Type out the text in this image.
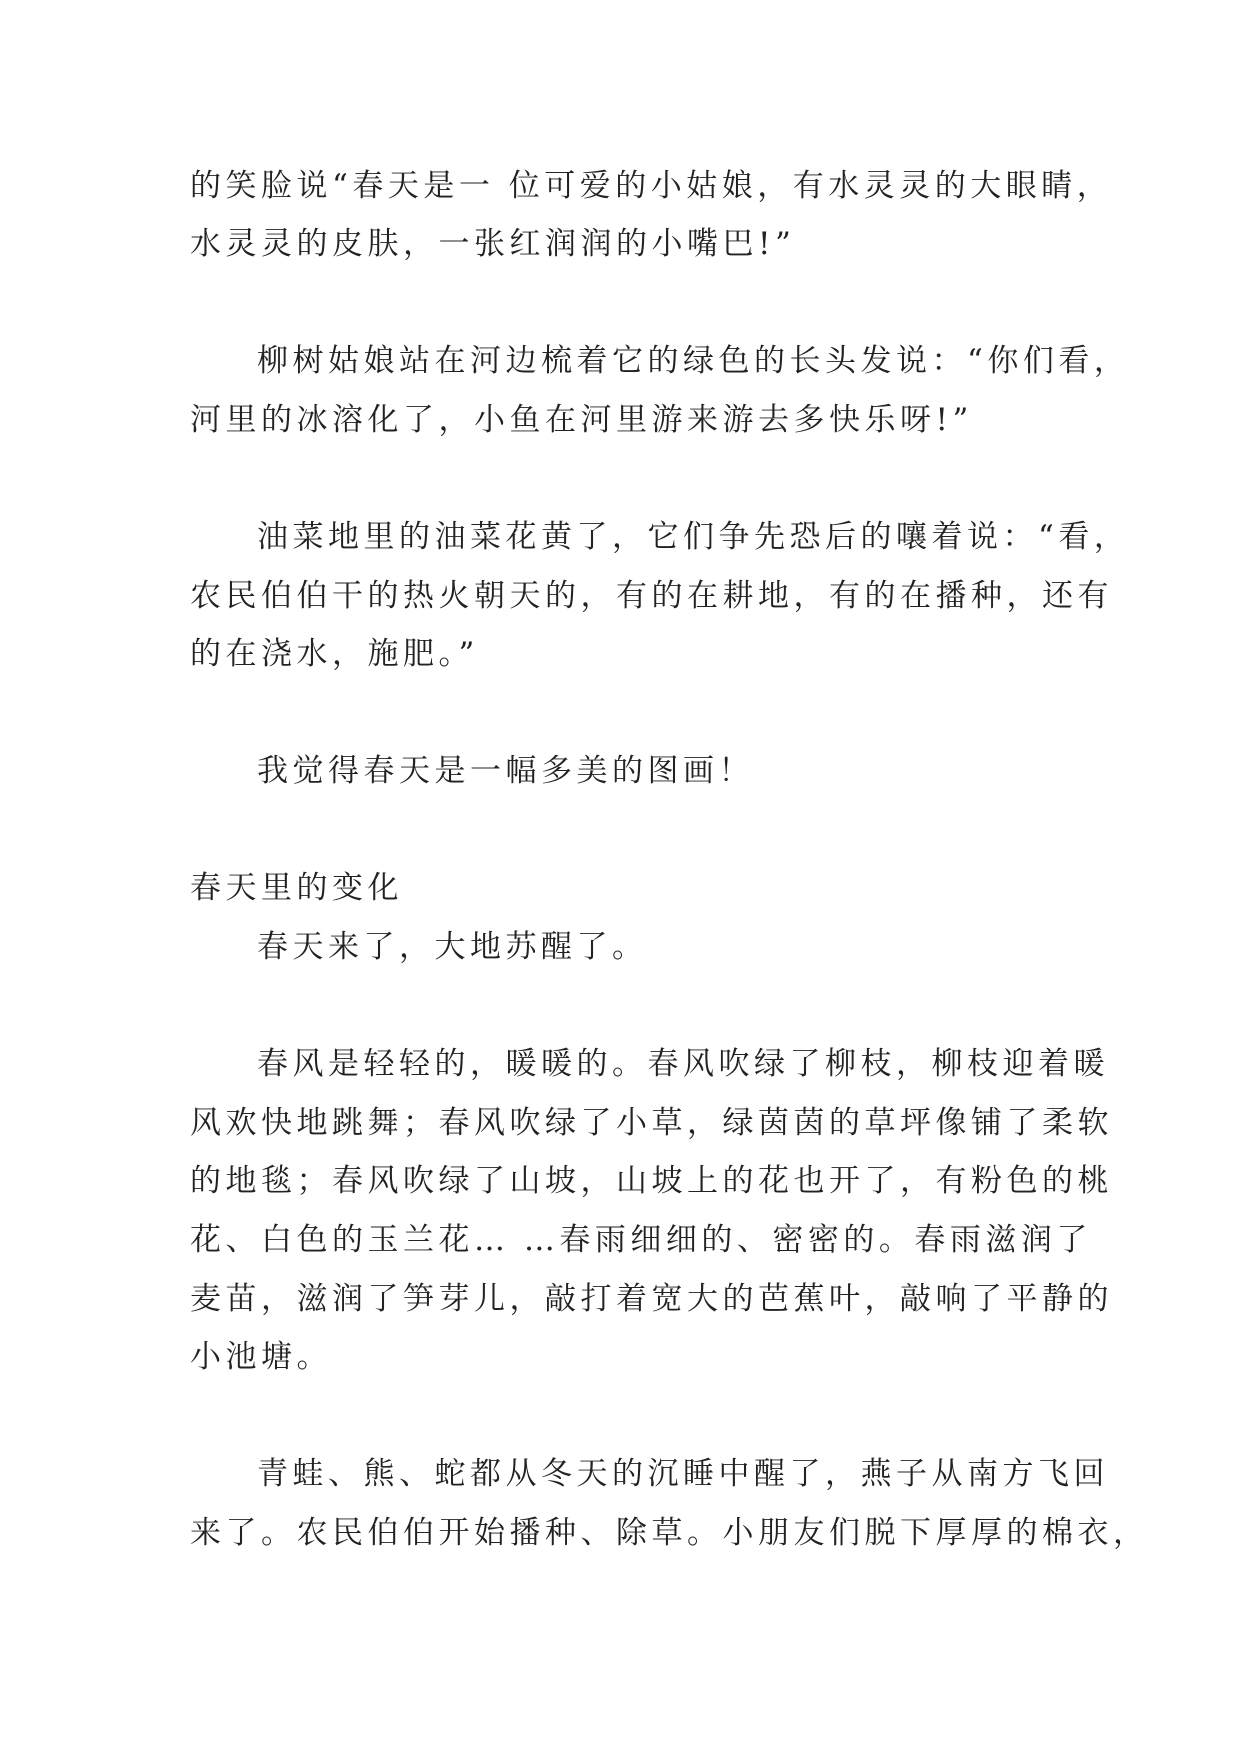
的笑脸说“春天是一 位可爱的小姑娘，有水灵灵的大眼睛，

水灵灵的皮肤，一张红润润的小嘴巴!”

柳树姑娘站在河边梳着它的绿色的长头发说：“你们看，

河里的冰溶化了，小鱼在河里游来游去多快乐呀!”

油菜地里的油菜花黄了，它们争先恐后的嚷着说：“看，

农民伯伯干的热火朝天的，有的在耕地，有的在播种，还有

的在浇水，施肥。”

我觉得春天是一幅多美的图画！

春天里的变化

春天来了，大地苏醒了。

春风是轻轻的，暖暖的。春风吹绿了柳枝，柳枝迎着暖

风欢快地跳舞；春风吹绿了小草，绿茵茵的草坪像铺了柔软

的地毯；春风吹绿了山坡，山坡上的花也开了，有粉色的桃

花、白色的玉兰花… …春雨细细的、密密的。春雨滋润了

麦苗，滋润了笋芽儿，敲打着宽大的芭蕉叶，敲响了平静的

小池塘。

青蛙、熊、蛇都从冬天的沉睡中醒了，燕子从南方飞回

来了。农民伯伯开始播种、除草。小朋友们脱下厚厚的棉衣，
